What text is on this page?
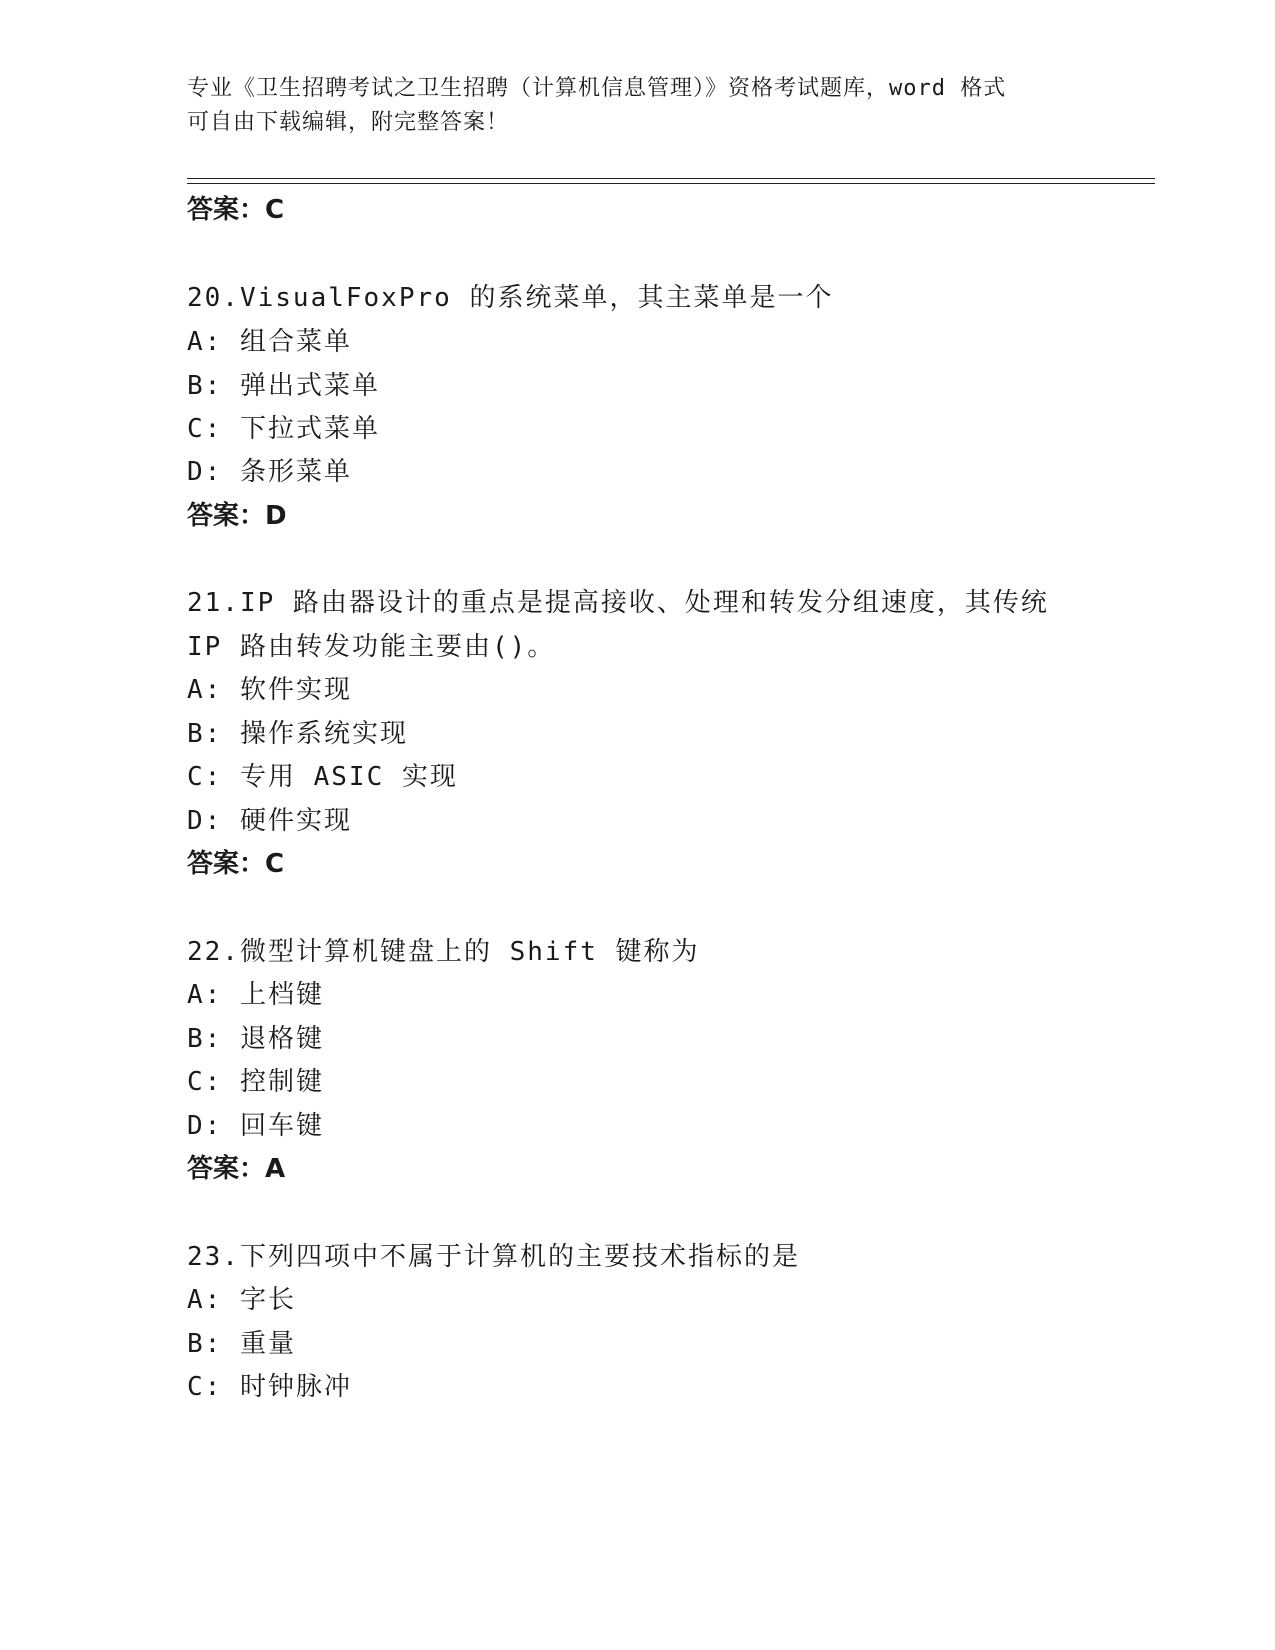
专业《卫生招聘考试之卫生招聘（计算机信息管理）》资格考试题库，word 格式
可自由下载编辑，附完整答案！
答案：C
20.VisualFoxPro 的系统菜单，其主菜单是一个
A: 组合菜单
B: 弹出式菜单
C: 下拉式菜单
D: 条形菜单
答案：D
21.IP 路由器设计的重点是提高接收、处理和转发分组速度，其传统
IP 路由转发功能主要由()。
A: 软件实现
B: 操作系统实现
C: 专用 ASIC 实现
D: 硬件实现
答案：C
22.微型计算机键盘上的 Shift 键称为
A: 上档键
B: 退格键
C: 控制键
D: 回车键
答案：A
23.下列四项中不属于计算机的主要技术指标的是
A: 字长
B: 重量
C: 时钟脉冲
